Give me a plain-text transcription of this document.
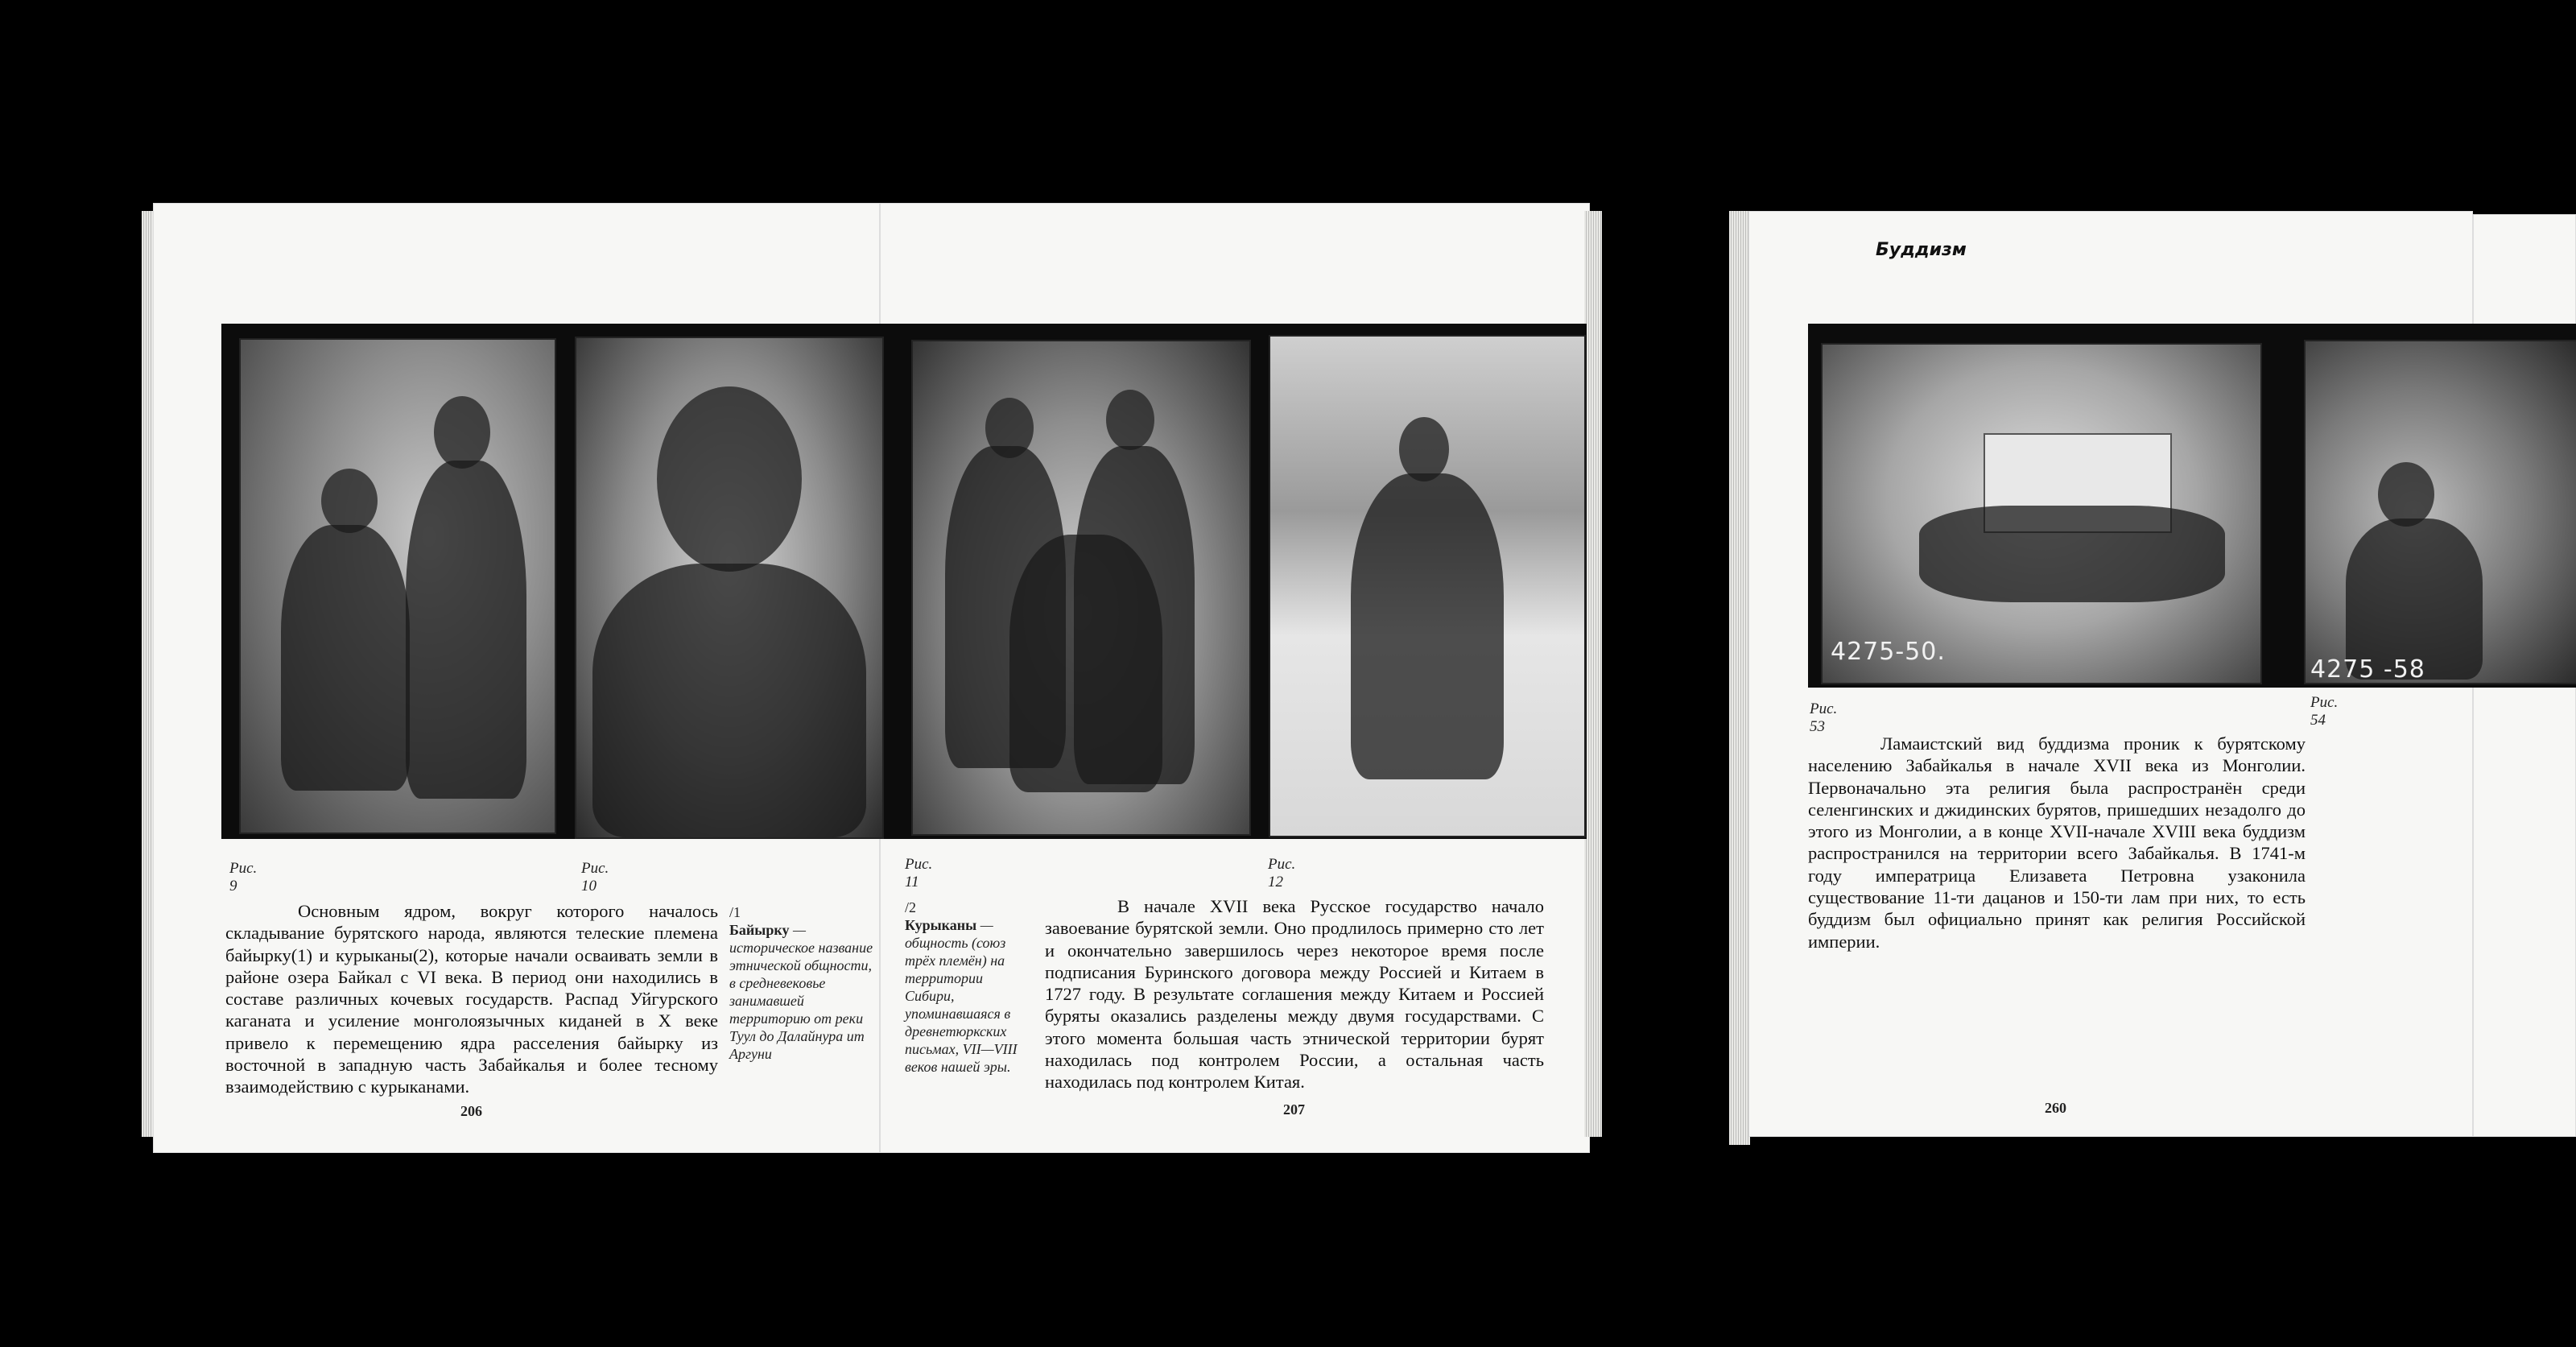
Рис. 9
Рис. 10
Рис. 11
Рис. 12

Основным ядром, вокруг которого началось складывание бурятского народа, являются телеские племена байырку(1) и курыканы(2), которые начали осваивать земли в районе озера Байкал с VI века. В период они находились в составе различных кочевых государств. Распад Уйгурского каганата и усиление монголоязычных киданей в X веке привело к перемещению ядра расселения байырку из восточной в западную часть Забайкалья и более тесному взаимодействию с курыканами.

/1
Байырку — историческое название этнической общности, в средневековье занимавшей территорию от реки Туул до Далайнура ит Аргуни
206
/2
Курыканы — общность (союз трёх племён) на территории Сибири, упоминавшаяся в древнетюркских письмах, VII—VIII веков нашей эры.

В начале XVII века Русское государство начало завоевание бурятской земли. Оно продлилось примерно сто лет и окончательно завершилось через некоторое время после подписания Буринского договора между Россией и Китаем в 1727 году. В результате соглашения между Китаем и Россией буряты оказались разделены между двумя государствами. С этого момента большая часть этнической территории бурят находилась под контролем России, а остальная часть находилась под контролем Китая.

207
Буддизм
4275-50.
4275 -58
Рис. 53
Рис. 54

Ламаистский вид буддизма проник к бурятскому населению Забайкалья в начале XVII века из Монголии. Первоначально эта религия была распространён среди селенгинских и джидинских бурятов, пришедших незадолго до этого из Монголии, а в конце XVII-начале XVIII века буддизм распространился на территории всего Забайкалья. В 1741-м году императрица Елизавета Петровна узаконила существование 11-ти дацанов и 150-ти лам при них, то есть буддизм был официально принят как религия Российской империи.

260
